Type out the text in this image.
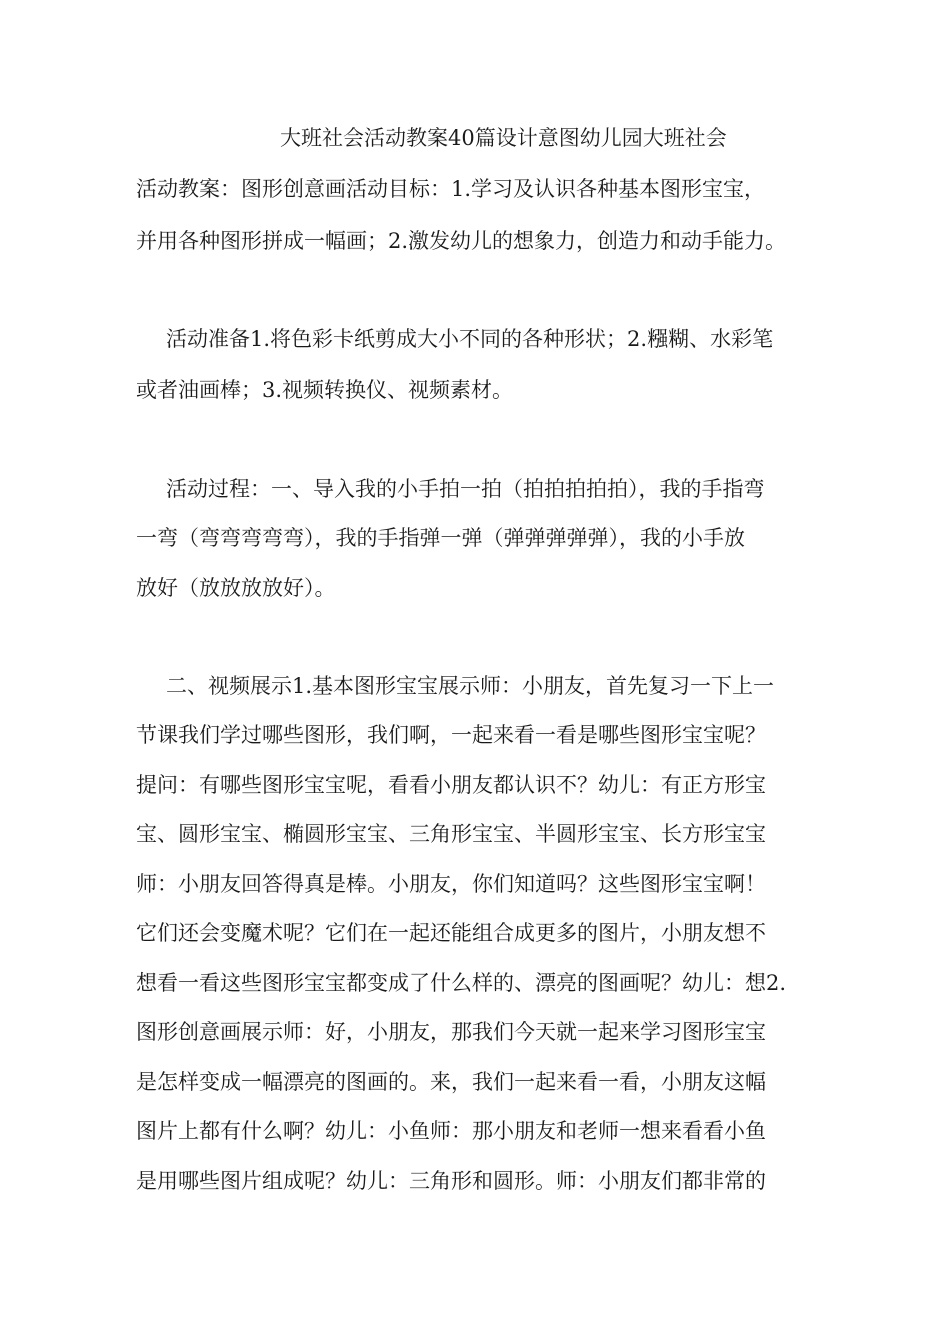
大班社会活动教案40篇设计意图幼儿园大班社会
活动教案：图形创意画活动目标：1.学习及认识各种基本图形宝宝，
并用各种图形拼成一幅画；2.激发幼儿的想象力，创造力和动手能力。
活动准备1.将色彩卡纸剪成大小不同的各种形状；2.糨糊、水彩笔
或者油画棒；3.视频转换仪、视频素材。
活动过程：一、导入我的小手拍一拍（拍拍拍拍拍），我的手指弯
一弯（弯弯弯弯弯），我的手指弹一弹（弹弹弹弹弹），我的小手放
放好（放放放放好）。
二、视频展示1.基本图形宝宝展示师：小朋友，首先复习一下上一
节课我们学过哪些图形，我们啊，一起来看一看是哪些图形宝宝呢？
提问：有哪些图形宝宝呢，看看小朋友都认识不？幼儿：有正方形宝
宝、圆形宝宝、椭圆形宝宝、三角形宝宝、半圆形宝宝、长方形宝宝
师：小朋友回答得真是棒。小朋友，你们知道吗？这些图形宝宝啊！
它们还会变魔术呢？它们在一起还能组合成更多的图片，小朋友想不
想看一看这些图形宝宝都变成了什么样的、漂亮的图画呢？幼儿：想2.
图形创意画展示师：好，小朋友，那我们今天就一起来学习图形宝宝
是怎样变成一幅漂亮的图画的。来，我们一起来看一看，小朋友这幅
图片上都有什么啊？幼儿：小鱼师：那小朋友和老师一想来看看小鱼
是用哪些图片组成呢？幼儿：三角形和圆形。师：小朋友们都非常的
